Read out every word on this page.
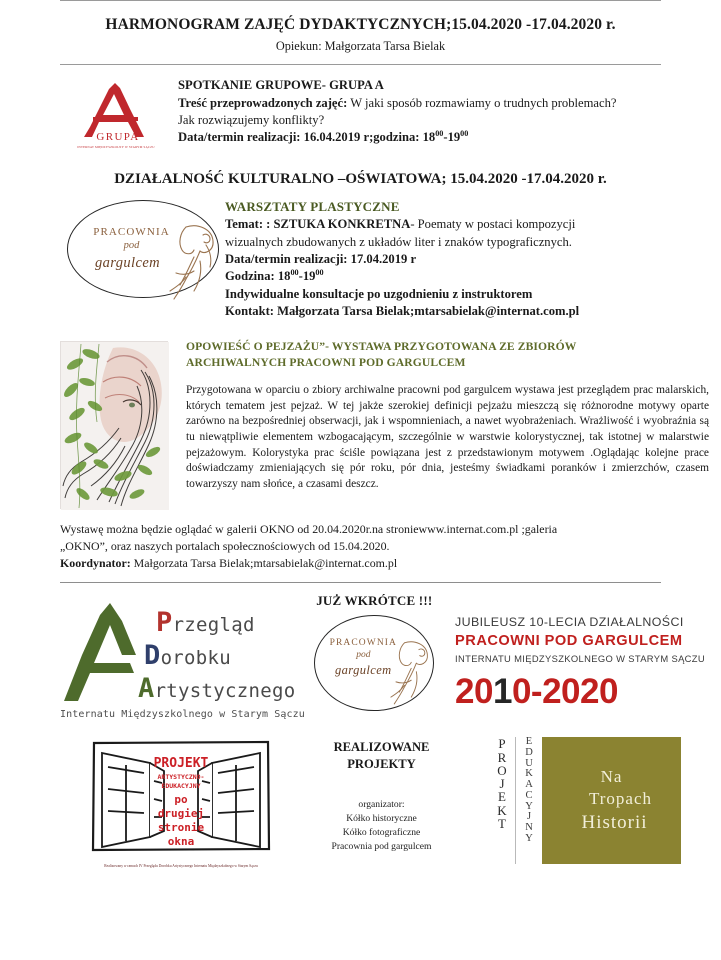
HARMONOGRAM ZAJĘĆ DYDAKTYCZNYCH;15.04.2020 -17.04.2020 r.
Opiekun: Małgorzata Tarsa Bielak
GRUPA
INTERNAT MIĘDZYSZKOLNY W STARYM SĄCZU
SPOTKANIE GRUPOWE- GRUPA A
Treść przeprowadzonych zajęć: W jaki sposób rozmawiamy o trudnych problemach?
Jak rozwiązujemy konflikty?
Data/termin realizacji: 16.04.2019 r;godzina: $18^{00}-19^{00}$
DZIAŁALNOŚĆ KULTURALNO –OŚWIATOWA; 15.04.2020 -17.04.2020 r.
PRACOWNIA
pod
gargulcem
WARSZTATY PLASTYCZNE
Temat: : SZTUKA KONKRETNA- Poematy w postaci kompozycji
wizualnych zbudowanych z układów liter i znaków typograficznych.
Data/termin realizacji: 17.04.2019 r
Godzina: $18^{00}-19^{00}$
Indywidualne konsultacje po uzgodnieniu z instruktorem
Kontakt: Małgorzata Tarsa Bielak;mtarsabielak@internat.com.pl
OPOWIEŚĆ O PEJZAŻU”- WYSTAWA PRZYGOTOWANA ZE ZBIORÓW
ARCHIWALNYCH PRACOWNI POD GARGULCEM
Przygotowana w oparciu o zbiory archiwalne pracowni pod gargulcem wystawa jest przeglądem prac malarskich, których tematem jest pejzaż. W tej jakże szerokiej definicji pejzażu mieszczą się różnorodne motywy oparte zarówno na bezpośredniej obserwacji, jak i wspomnieniach, a nawet wyobrażeniach. Wrażliwość i wyobraźnia są tu niewątpliwie elementem wzbogacającym, szczególnie w warstwie kolorystycznej, tak istotnej w malarstwie pejzażowym. Kolorystyka prac ściśle powiązana jest z przedstawionym motywem .Oglądając kolejne prace doświadczamy zmieniających się pór roku, pór dnia, jesteśmy świadkami poranków i zmierzchów, czasem towarzyszy nam słońce, a czasami deszcz.
Wystawę można będzie oglądać w galerii OKNO od 20.04.2020r.na stroniewww.internat.com.pl ;galeria
„OKNO”, oraz naszych portalach społecznościowych od 15.04.2020.
Koordynator: Małgorzata Tarsa Bielak;mtarsabielak@internat.com.pl
Przegląd
Dorobku
Artystycznego
Internatu Międzyszkolnego w Starym Sączu
JUŻ WKRÓTCE !!!
PRACOWNIA
pod
gargulcem
JUBILEUSZ 10-LECIA DZIAŁALNOŚCI
PRACOWNI POD GARGULCEM
INTERNATU MIĘDZYSZKOLNEGO W STARYM SĄCZU
2010-2020
PROJEKT
ARTYSTYCZNO-
EDUKACYJNY
po
drugiej
stronie
okna
Realizowany w ramach IV Przeglądu Dorobku Artystycznego Internatu Międzyszkolnego w Starym Sączu
REALIZOWANE
PROJEKTY
organizator:
Kółko historyczne
Kółko fotograficzne
Pracownia pod gargulcem
P
R
O
J
E
K
T
E
D
U
K
A
C
Y
J
N
Y
Na
Tropach
Historii
